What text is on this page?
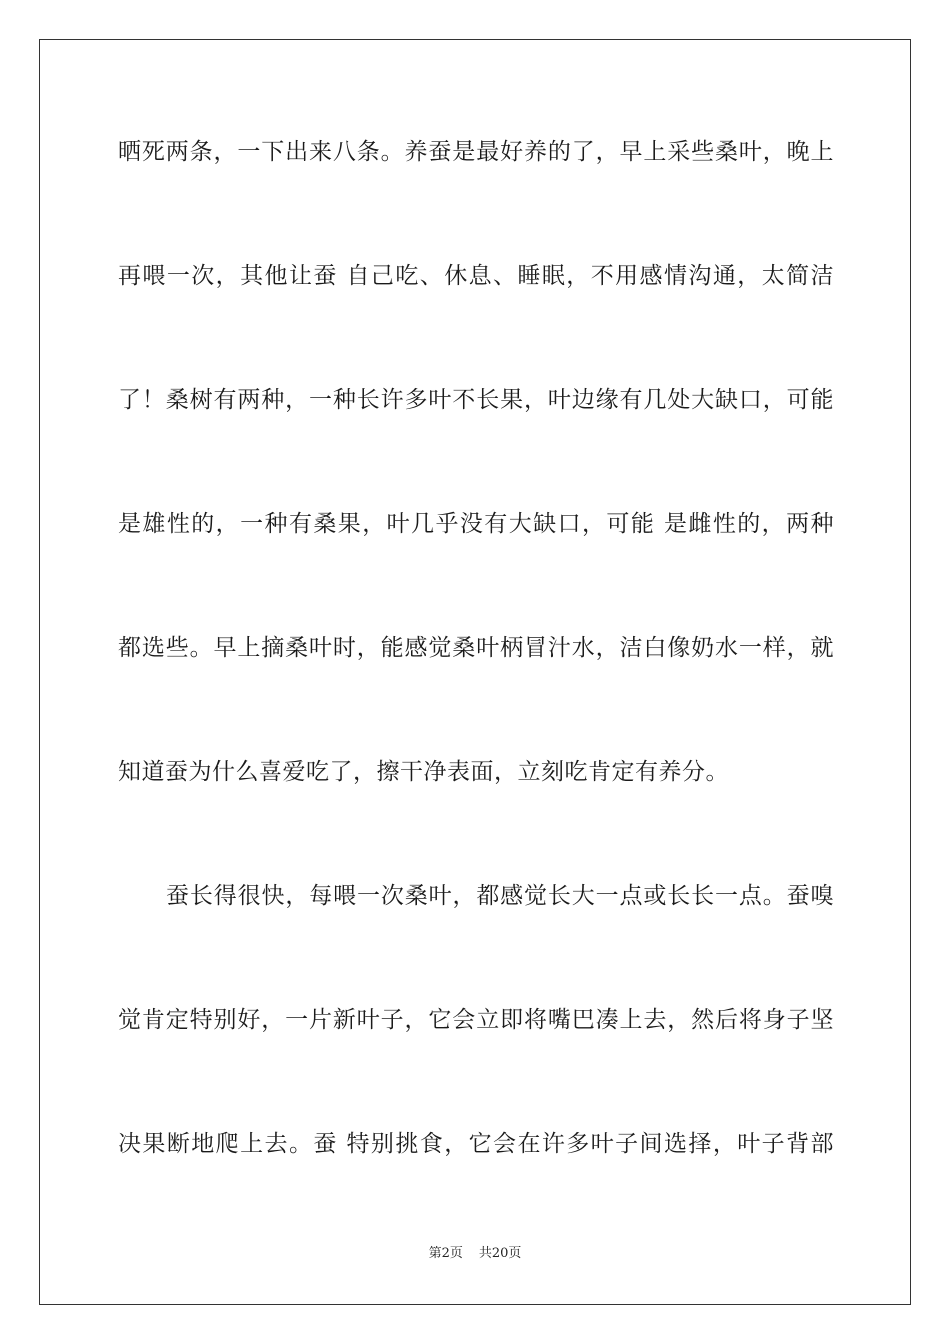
晒死两条，一下出来八条。养蚕是最好养的了，早上采些桑叶，晚上
再喂一次，其他让蚕 自己吃、休息、睡眠，不用感情沟通，太简洁
了！桑树有两种，一种长许多叶不长果，叶边缘有几处大缺口，可能
是雄性的，一种有桑果，叶几乎没有大缺口，可能 是雌性的，两种
都选些。早上摘桑叶时，能感觉桑叶柄冒汁水，洁白像奶水一样，就
知道蚕为什么喜爱吃了，擦干净表面，立刻吃肯定有养分。
蚕长得很快，每喂一次桑叶，都感觉长大一点或长长一点。蚕嗅
觉肯定特别好，一片新叶子，它会立即将嘴巴凑上去，然后将身子坚
决果断地爬上去。蚕 特别挑食，它会在许多叶子间选择，叶子背部
第2页 共20页
